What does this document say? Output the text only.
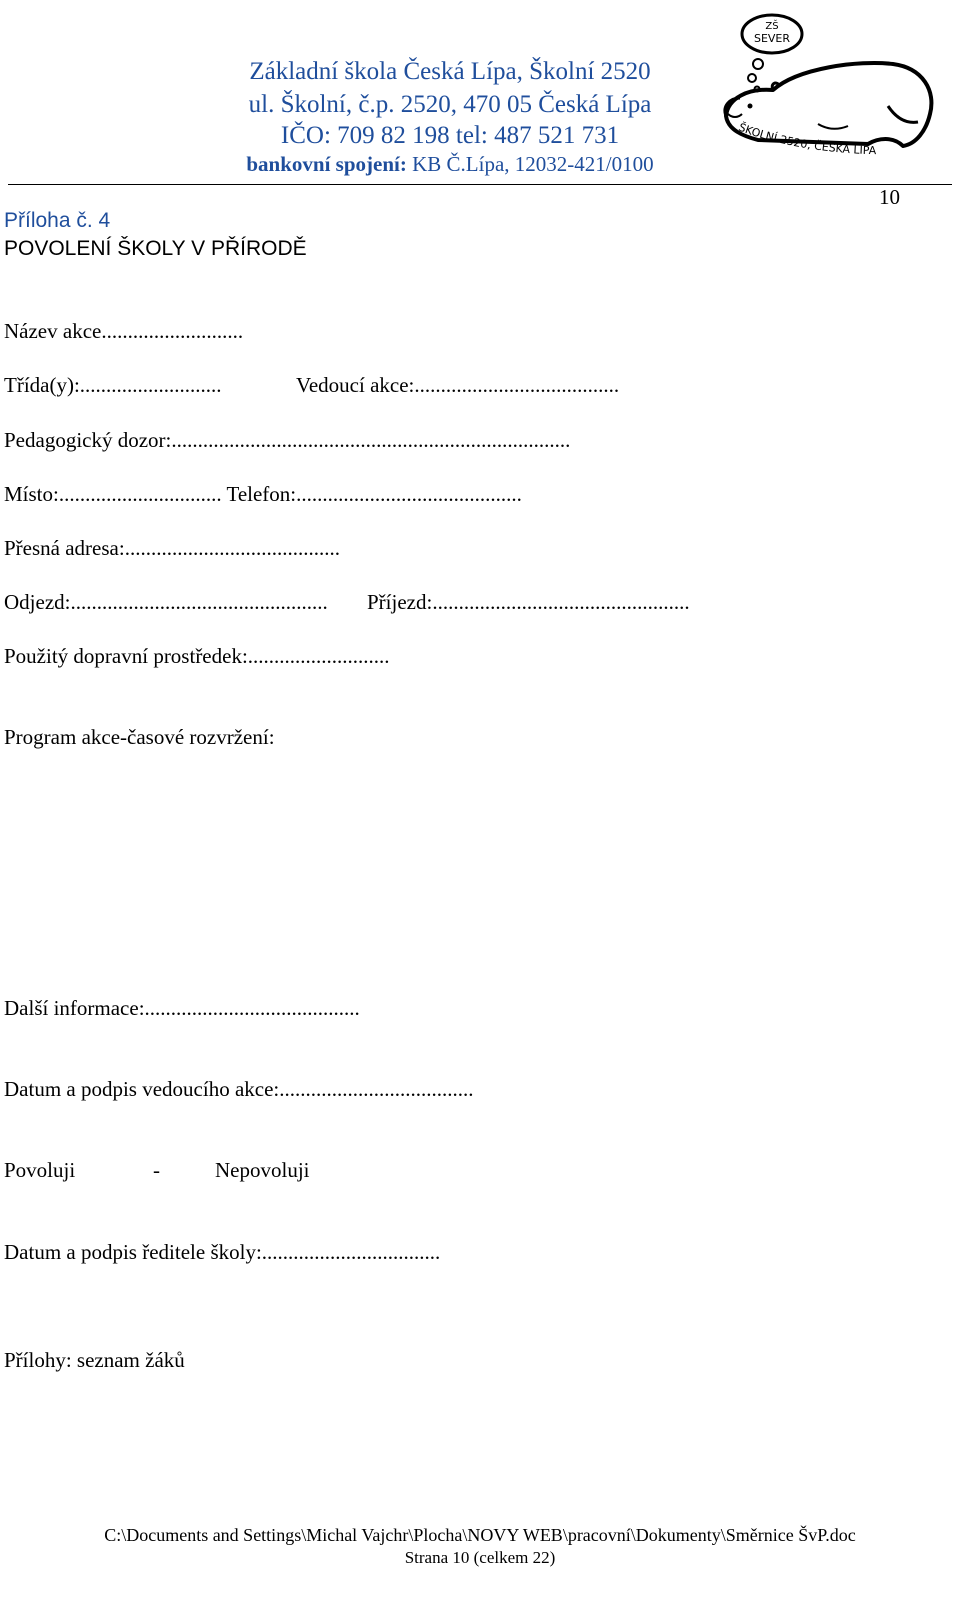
Základní škola Česká Lípa, Školní 2520
ul. Školní, č.p. 2520, 470 05 Česká Lípa
IČO: 709 82 198 tel: 487 521 731
bankovní spojení: KB Č.Lípa, 12032-421/0100
ZŠ
SEVER
ŠKOLNÍ 2520, ČESKÁ LÍPA
10
Příloha č. 4
POVOLENÍ ŠKOLY V PŘÍRODĚ
Název akce...........................
Třída(y):...........................	Vedoucí akce:.......................................
Pedagogický dozor:............................................................................
Místo:............................... Telefon:...........................................
Přesná adresa:.........................................
Odjezd:................................................. Příjezd:.................................................
Použitý dopravní prostředek:...........................
Program akce-časové rozvržení:
Další informace:.........................................
Datum a podpis vedoucího akce:.....................................
Povoluji	-	Nepovoluji
Datum a podpis ředitele školy:..................................
Přílohy: seznam žáků
C:\Documents and Settings\Michal Vajchr\Plocha\NOVY WEB\pracovní\Dokumenty\Směrnice ŠvP.doc
Strana 10 (celkem 22)
